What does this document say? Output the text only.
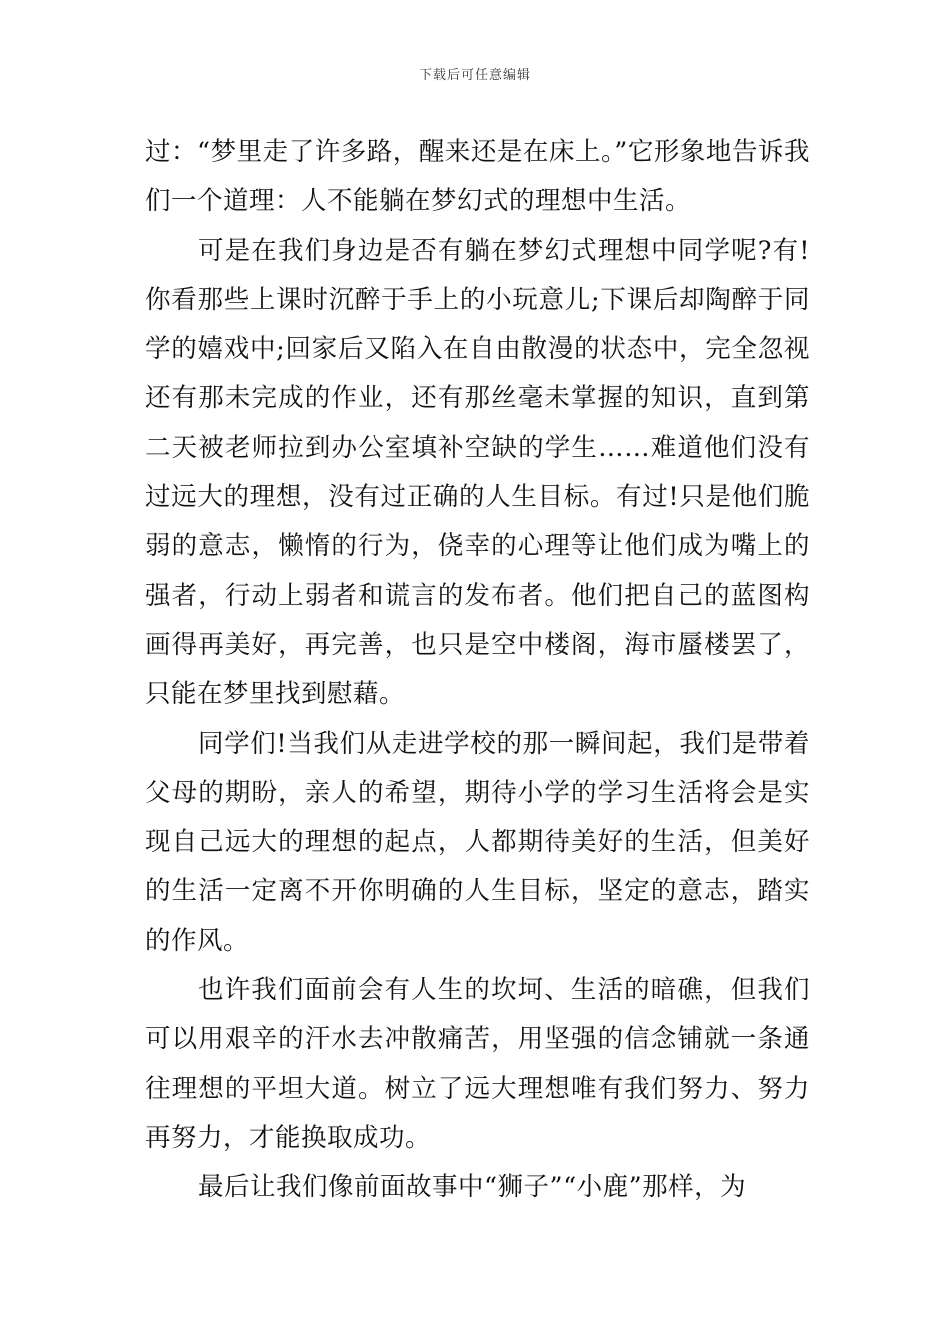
下载后可任意编辑

过：“梦里走了许多路，醒来还是在床上。”它形象地告诉我们一个道理：人不能躺在梦幻式的理想中生活。

可是在我们身边是否有躺在梦幻式理想中同学呢?有!你看那些上课时沉醉于手上的小玩意儿;下课后却陶醉于同学的嬉戏中;回家后又陷入在自由散漫的状态中，完全忽视还有那未完成的作业，还有那丝毫未掌握的知识，直到第二天被老师拉到办公室填补空缺的学生……难道他们没有过远大的理想，没有过正确的人生目标。有过!只是他们脆弱的意志，懒惰的行为，侥幸的心理等让他们成为嘴上的强者，行动上弱者和谎言的发布者。他们把自己的蓝图构画得再美好，再完善，也只是空中楼阁，海市蜃楼罢了，只能在梦里找到慰藉。

同学们!当我们从走进学校的那一瞬间起，我们是带着父母的期盼，亲人的希望，期待小学的学习生活将会是实现自己远大的理想的起点，人都期待美好的生活，但美好的生活一定离不开你明确的人生目标，坚定的意志，踏实的作风。

也许我们面前会有人生的坎坷、生活的暗礁，但我们可以用艰辛的汗水去冲散痛苦，用坚强的信念铺就一条通往理想的平坦大道。树立了远大理想唯有我们努力、努力再努力，才能换取成功。

最后让我们像前面故事中“狮子”“小鹿”那样，为
